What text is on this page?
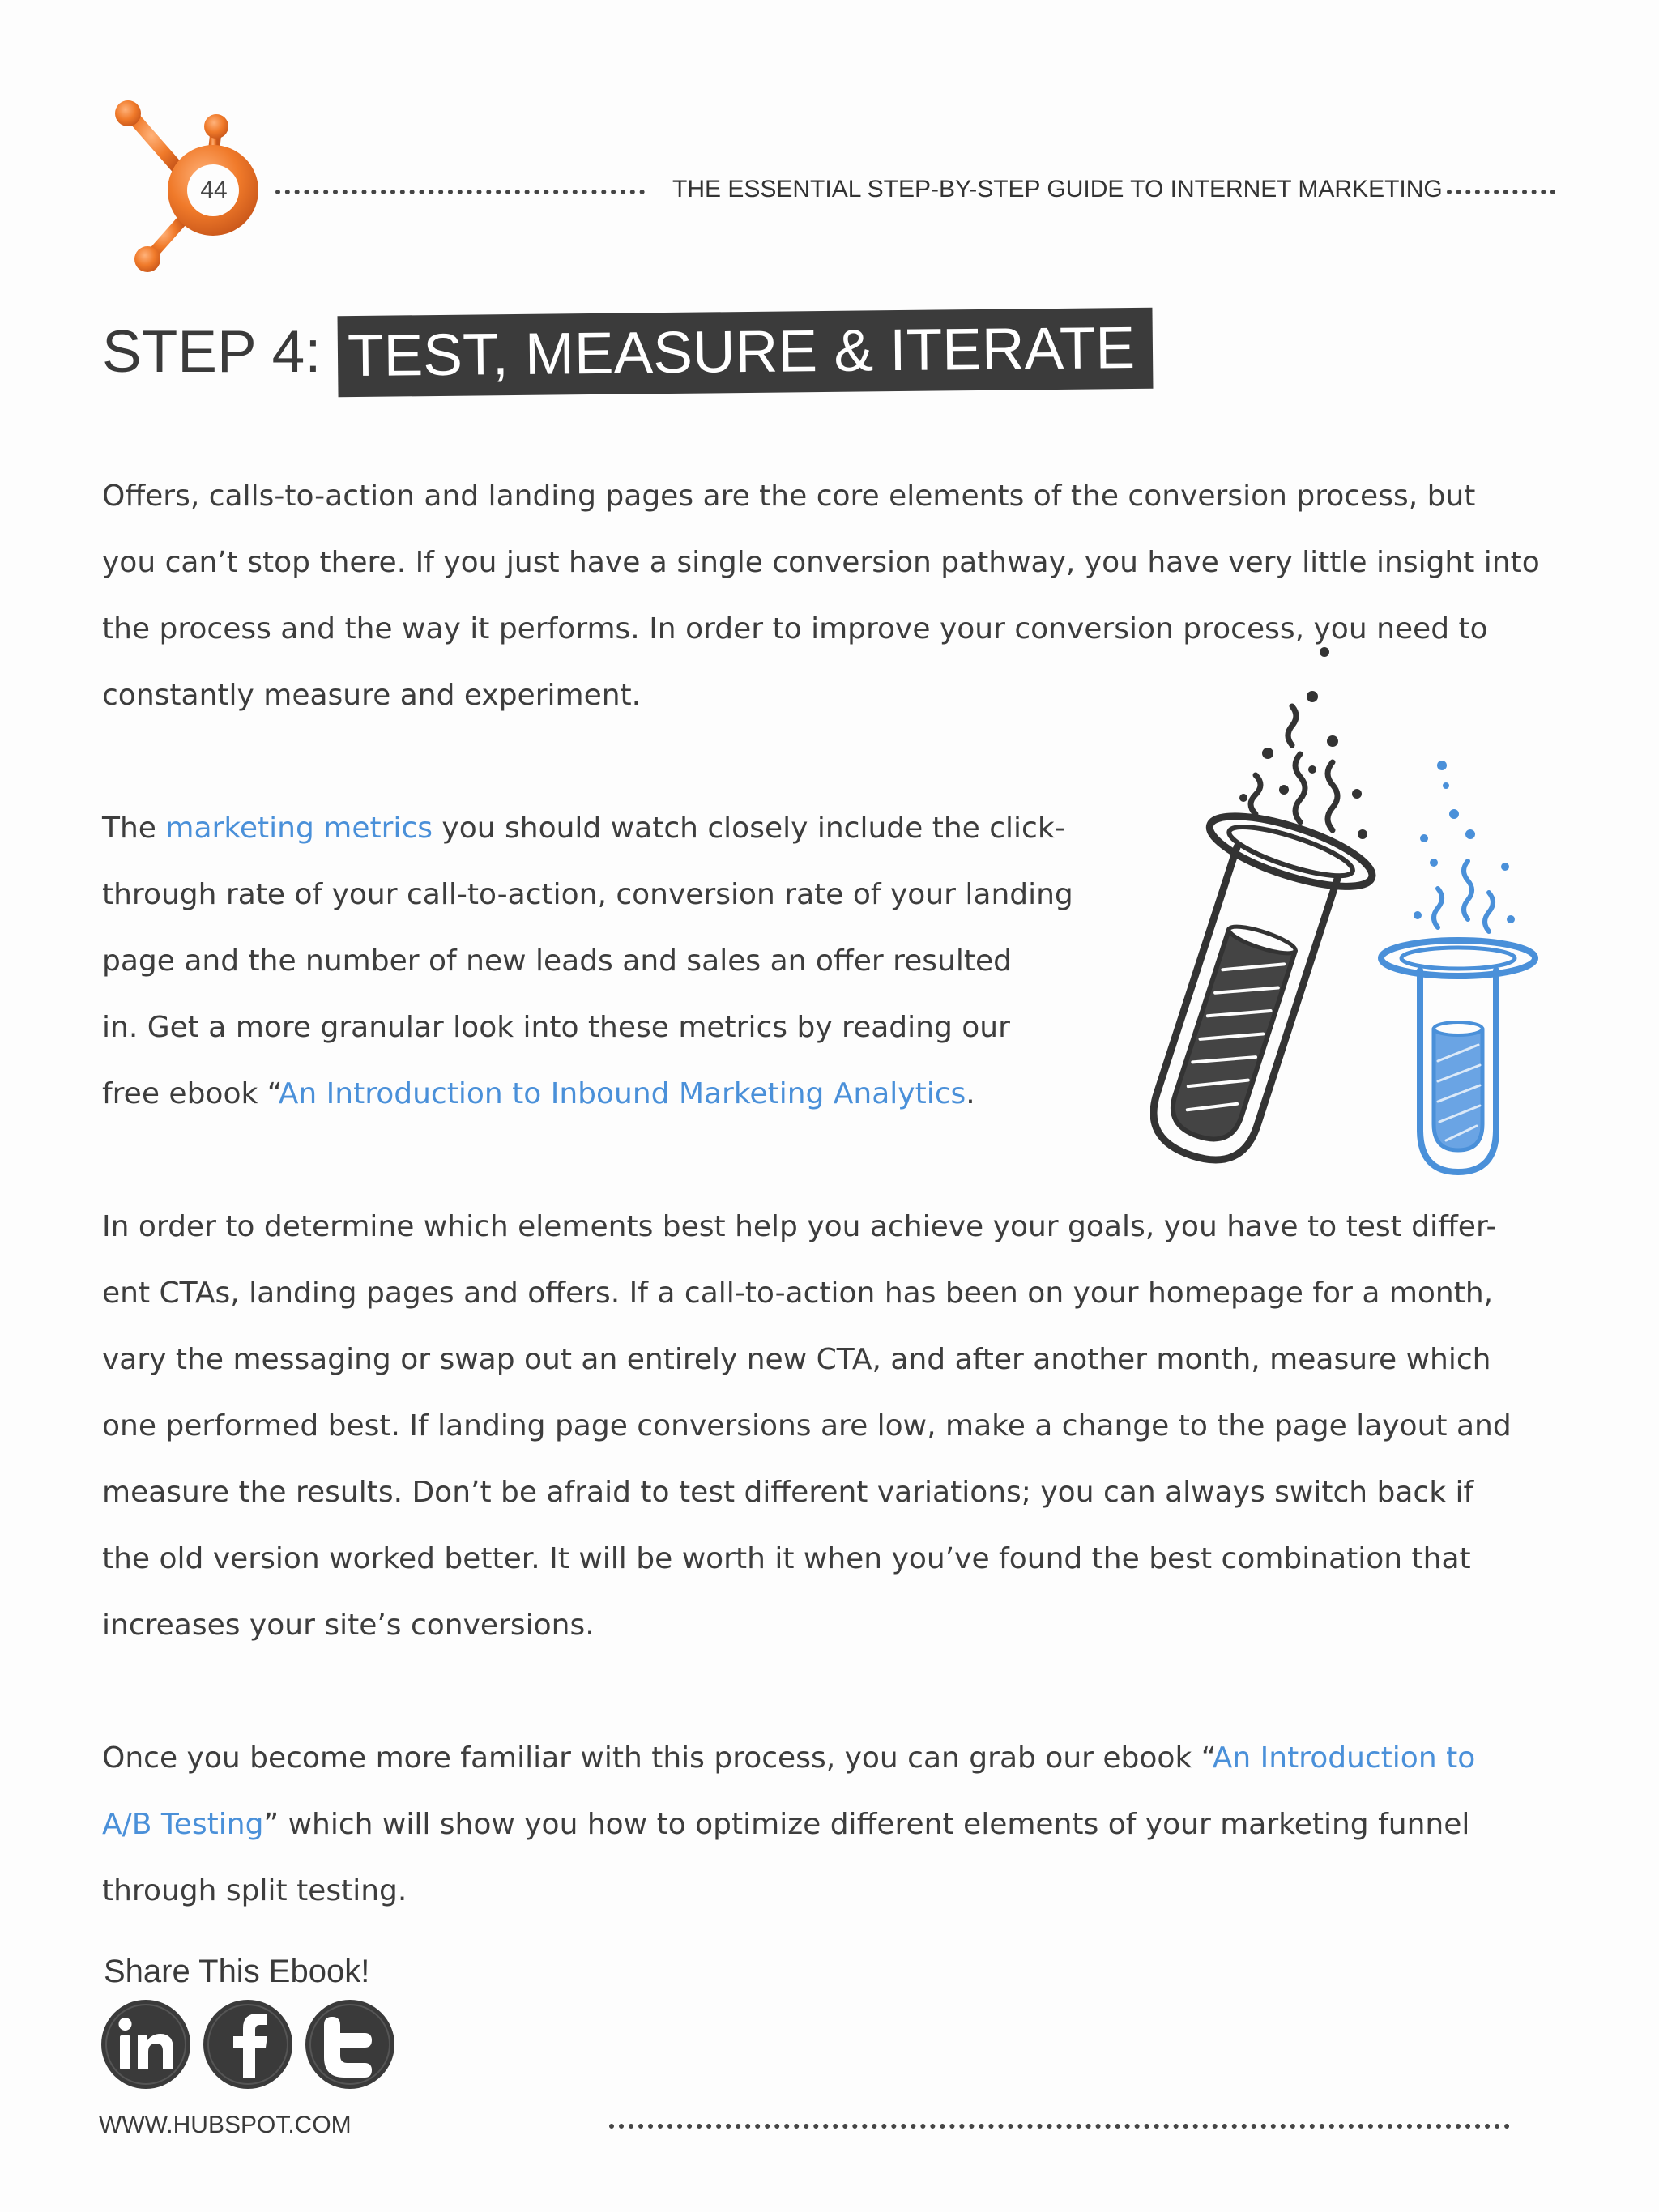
44	THE ESSENTIAL STEP-BY-STEP GUIDE TO INTERNET MARKETING
STEP 4: TEST, MEASURE & ITERATE

Offers, calls-to-action and landing pages are the core elements of the conversion process, but

you can’t stop there. If you just have a single conversion pathway, you have very little insight into

the process and the way it performs. In order to improve your conversion process, you need to

constantly measure and experiment.

The marketing metrics you should watch closely include the click-

through rate of your call-to-action, conversion rate of your landing

page and the number of new leads and sales an offer resulted

in. Get a more granular look into these metrics by reading our

free ebook “An Introduction to Inbound Marketing Analytics.

In order to determine which elements best help you achieve your goals, you have to test differ-

ent CTAs, landing pages and offers. If a call-to-action has been on your homepage for a month,

vary the messaging or swap out an entirely new CTA, and after another month, measure which

one performed best. If landing page conversions are low, make a change to the page layout and

measure the results. Don’t be afraid to test different variations; you can always switch back if

the old version worked better. It will be worth it when you’ve found the best combination that

increases your site’s conversions.

Once you become more familiar with this process, you can grab our ebook “An Introduction to

A/B Testing” which will show you how to optimize different elements of your marketing funnel

through split testing.

Share This Ebook!
WWW.HUBSPOT.COM
